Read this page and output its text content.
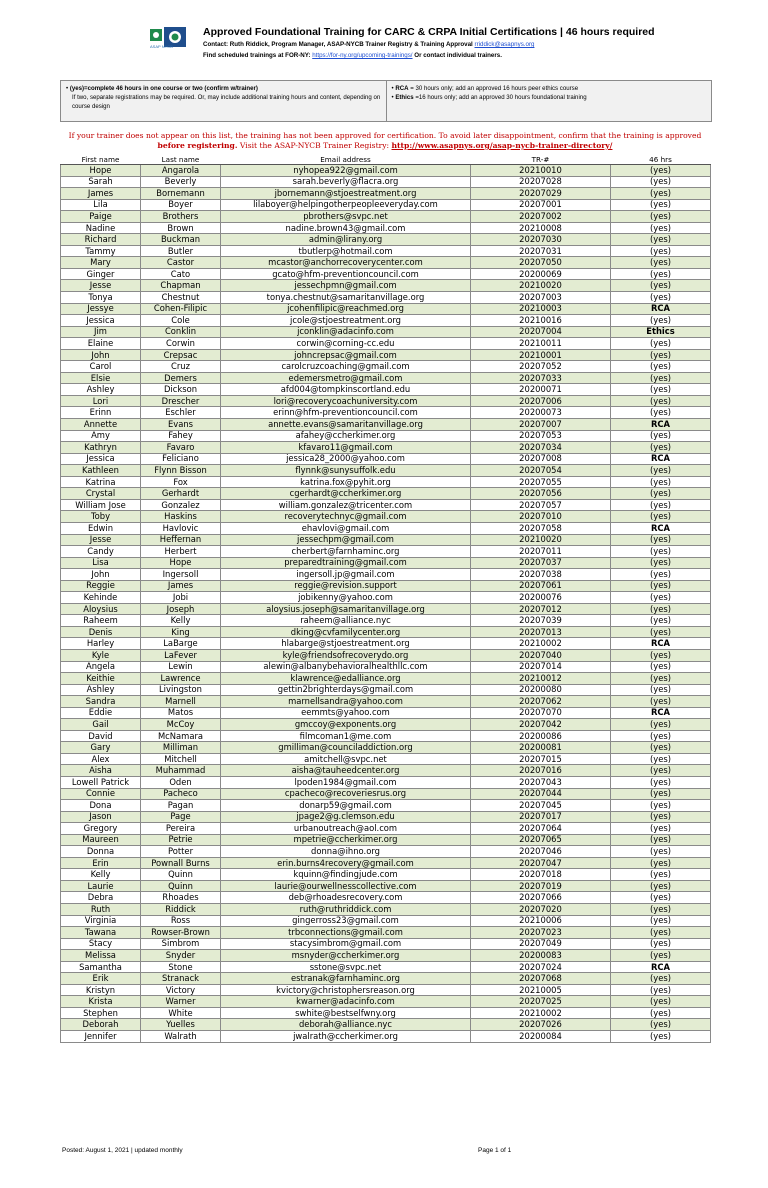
ASAP NYCB
Approved Foundational Training for CARC & CRPA Initial Certifications | 46 hours required
Contact: Ruth Riddick, Program Manager, ASAP-NYCB Trainer Registry & Training Approval rriddick@asapnys.org
Find scheduled trainings at FOR-NY: https://for-ny.org/upcoming-trainings/ Or contact individual trainers.
• (yes)=complete 46 hours in one course or two (confirm w/trainer)
If two, separate registrations may be required. Or, may include additional training hours and content, depending on course design
• RCA = 30 hours only; add an approved 16 hours peer ethics course
• Ethics =16 hours only; add an approved 30 hours foundational training
If your trainer does not appear on this list, the training has not been approved for certification. To avoid later disappointment, confirm that the training is approved before registering. Visit the ASAP-NYCB Trainer Registry: http://www.asapnys.org/asap-nycb-trainer-directory/
First name	Last name	Email address	TR-#	46 hrs
Hope	Angarola	nyhopea922@gmail.com	20210010	(yes)
Sarah	Beverly	sarah.beverly@flacra.org	20207028	(yes)
James	Bornemann	jbornemann@stjoestreatment.org	20207029	(yes)
Lila	Boyer	lilaboyer@helpingotherpeopleeveryday.com	20207001	(yes)
Paige	Brothers	pbrothers@svpc.net	20207002	(yes)
Nadine	Brown	nadine.brown43@gmail.com	20210008	(yes)
Richard	Buckman	admin@lirany.org	20207030	(yes)
Tammy	Butler	tbutlerp@hotmail.com	20207031	(yes)
Mary	Castor	mcastor@anchorrecoverycenter.com	20207050	(yes)
Ginger	Cato	gcato@hfm-preventioncouncil.com	20200069	(yes)
Jesse	Chapman	jessechpmn@gmail.com	20210020	(yes)
Tonya	Chestnut	tonya.chestnut@samaritanvillage.org	20207003	(yes)
Jessye	Cohen-Filipic	jcohenfilipic@reachmed.org	20210003	RCA
Jessica	Cole	jcole@stjoestreatment.org	20210016	(yes)
Jim	Conklin	jconklin@adacinfo.com	20207004	Ethics
Elaine	Corwin	corwin@corning-cc.edu	20210011	(yes)
John	Crepsac	johncrepsac@gmail.com	20210001	(yes)
Carol	Cruz	carolcruzcoaching@gmail.com	20207052	(yes)
Elsie	Demers	edemersmetro@gmail.com	20207033	(yes)
Ashley	Dickson	afd004@tompkinscortland.edu	20200071	(yes)
Lori	Drescher	lori@recoverycoachuniversity.com	20207006	(yes)
Erinn	Eschler	erinn@hfm-preventioncouncil.com	20200073	(yes)
Annette	Evans	annette.evans@samaritanvillage.org	20207007	RCA
Amy	Fahey	afahey@ccherkimer.org	20207053	(yes)
Kathryn	Favaro	kfavaro11@gmail.com	20207034	(yes)
Jessica	Feliciano	jessica28_2000@yahoo.com	20207008	RCA
Kathleen	Flynn Bisson	flynnk@sunysuffolk.edu	20207054	(yes)
Katrina	Fox	katrina.fox@pyhit.org	20207055	(yes)
Crystal	Gerhardt	cgerhardt@ccherkimer.org	20207056	(yes)
William Jose	Gonzalez	william.gonzalez@tricenter.com	20207057	(yes)
Toby	Haskins	recoverytechnyc@gmail.com	20207010	(yes)
Edwin	Havlovic	ehavlovi@gmail.com	20207058	RCA
Jesse	Heffernan	jessechpm@gmail.com	20210020	(yes)
Candy	Herbert	cherbert@farnhaminc.org	20207011	(yes)
Lisa	Hope	preparedtraining@gmail.com	20207037	(yes)
John	Ingersoll	ingersoll.jp@gmail.com	20207038	(yes)
Reggie	James	reggie@revision.support	20207061	(yes)
Kehinde	Jobi	jobikenny@yahoo.com	20200076	(yes)
Aloysius	Joseph	aloysius.joseph@samaritanvillage.org	20207012	(yes)
Raheem	Kelly	raheem@alliance.nyc	20207039	(yes)
Denis	King	dking@cvfamilycenter.org	20207013	(yes)
Harley	LaBarge	hlabarge@stjoestreatment.org	20210002	RCA
Kyle	LaFever	kyle@friendsofrecoverydo.org	20207040	(yes)
Angela	Lewin	alewin@albanybehavioralhealthllc.com	20207014	(yes)
Keithie	Lawrence	klawrence@edalliance.org	20210012	(yes)
Ashley	Livingston	gettin2brighterdays@gmail.com	20200080	(yes)
Sandra	Marnell	marnellsandra@yahoo.com	20207062	(yes)
Eddie	Matos	eemmts@yahoo.com	20207070	RCA
Gail	McCoy	gmccoy@exponents.org	20207042	(yes)
David	McNamara	filmcoman1@me.com	20200086	(yes)
Gary	Milliman	gmilliman@counciladdiction.org	20200081	(yes)
Alex	Mitchell	amitchell@svpc.net	20207015	(yes)
Aisha	Muhammad	aisha@tauheedcenter.org	20207016	(yes)
Lowell Patrick	Oden	lpoden1984@gmail.com	20207043	(yes)
Connie	Pacheco	cpacheco@recoveriesrus.org	20207044	(yes)
Dona	Pagan	donarp59@gmail.com	20207045	(yes)
Jason	Page	jpage2@g.clemson.edu	20207017	(yes)
Gregory	Pereira	urbanoutreach@aol.com	20207064	(yes)
Maureen	Petrie	mpetrie@ccherkimer.org	20207065	(yes)
Donna	Potter	donna@ihno.org	20207046	(yes)
Erin	Pownall Burns	erin.burns4recovery@gmail.com	20207047	(yes)
Kelly	Quinn	kquinn@findingjude.com	20207018	(yes)
Laurie	Quinn	laurie@ourwellnesscollective.com	20207019	(yes)
Debra	Rhoades	deb@rhoadesrecovery.com	20207066	(yes)
Ruth	Riddick	ruth@ruthriddick.com	20207020	(yes)
Virginia	Ross	gingerross23@gmail.com	20210006	(yes)
Tawana	Rowser-Brown	trbconnections@gmail.com	20207023	(yes)
Stacy	Simbrom	stacysimbrom@gmail.com	20207049	(yes)
Melissa	Snyder	msnyder@ccherkimer.org	20200083	(yes)
Samantha	Stone	sstone@svpc.net	20207024	RCA
Erik	Stranack	estranak@farnhaminc.org	20207068	(yes)
Kristyn	Victory	kvictory@christophersreason.org	20210005	(yes)
Krista	Warner	kwarner@adacinfo.com	20207025	(yes)
Stephen	White	swhite@bestselfwny.org	20210002	(yes)
Deborah	Yuelles	deborah@alliance.nyc	20207026	(yes)
Jennifer	Walrath	jwalrath@ccherkimer.org	20200084	(yes)
Posted: August 1, 2021 | updated monthly	Page 1 of 1
